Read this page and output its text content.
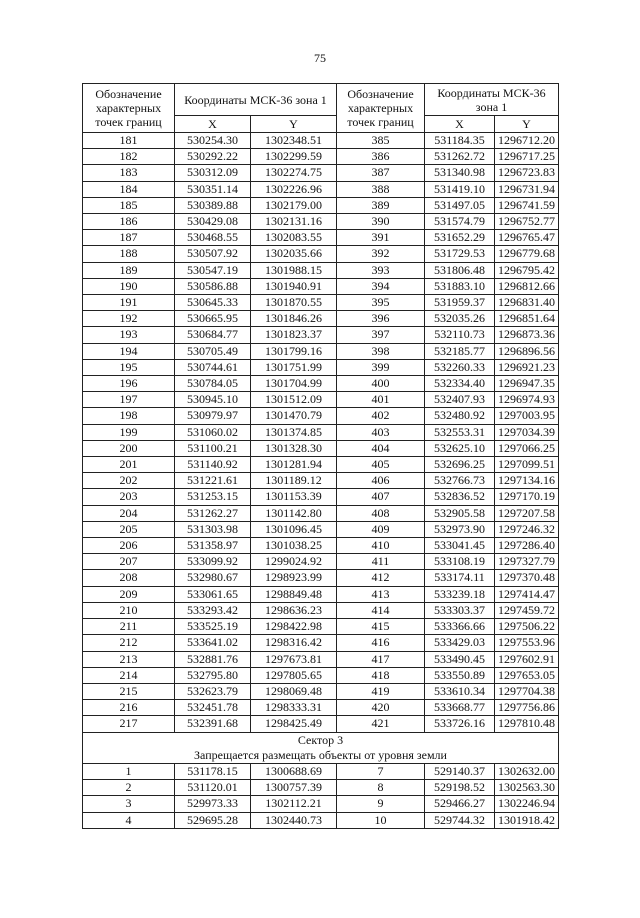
75
Обозначение характерных точек границ	Координаты МСК-36 зона 1		Обозначение характерных точек границ	Координаты МСК-36 зона 1	
	X	Y		X	Y
181	530254.30	1302348.51	385	531184.35	1296712.20
182	530292.22	1302299.59	386	531262.72	1296717.25
183	530312.09	1302274.75	387	531340.98	1296723.83
184	530351.14	1302226.96	388	531419.10	1296731.94
185	530389.88	1302179.00	389	531497.05	1296741.59
186	530429.08	1302131.16	390	531574.79	1296752.77
187	530468.55	1302083.55	391	531652.29	1296765.47
188	530507.92	1302035.66	392	531729.53	1296779.68
189	530547.19	1301988.15	393	531806.48	1296795.42
190	530586.88	1301940.91	394	531883.10	1296812.66
191	530645.33	1301870.55	395	531959.37	1296831.40
192	530665.95	1301846.26	396	532035.26	1296851.64
193	530684.77	1301823.37	397	532110.73	1296873.36
194	530705.49	1301799.16	398	532185.77	1296896.56
195	530744.61	1301751.99	399	532260.33	1296921.23
196	530784.05	1301704.99	400	532334.40	1296947.35
197	530945.10	1301512.09	401	532407.93	1296974.93
198	530979.97	1301470.79	402	532480.92	1297003.95
199	531060.02	1301374.85	403	532553.31	1297034.39
200	531100.21	1301328.30	404	532625.10	1297066.25
201	531140.92	1301281.94	405	532696.25	1297099.51
202	531221.61	1301189.12	406	532766.73	1297134.16
203	531253.15	1301153.39	407	532836.52	1297170.19
204	531262.27	1301142.80	408	532905.58	1297207.58
205	531303.98	1301096.45	409	532973.90	1297246.32
206	531358.97	1301038.25	410	533041.45	1297286.40
207	533099.92	1299024.92	411	533108.19	1297327.79
208	532980.67	1298923.99	412	533174.11	1297370.48
209	533061.65	1298849.48	413	533239.18	1297414.47
210	533293.42	1298636.23	414	533303.37	1297459.72
211	533525.19	1298422.98	415	533366.66	1297506.22
212	533641.02	1298316.42	416	533429.03	1297553.96
213	532881.76	1297673.81	417	533490.45	1297602.91
214	532795.80	1297805.65	418	533550.89	1297653.05
215	532623.79	1298069.48	419	533610.34	1297704.38
216	532451.78	1298333.31	420	533668.77	1297756.86
217	532391.68	1298425.49	421	533726.16	1297810.48

Сектор 3
Запрещается размещать объекты от уровня земли					

1	531178.15	1300688.69	7	529140.37	1302632.00
2	531120.01	1300757.39	8	529198.52	1302563.30
3	529973.33	1302112.21	9	529466.27	1302246.94
4	529695.28	1302440.73	10	529744.32	1301918.42
